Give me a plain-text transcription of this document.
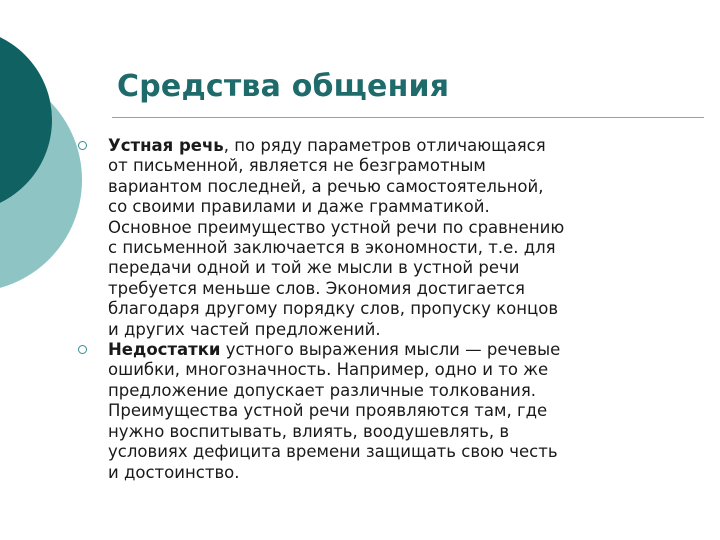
Средства общения
Устная речь, по ряду параметров отличающаяся
от письменной, является не безграмотным
вариантом последней, а речью самостоятельной,
со своими правилами и даже грамматикой.
Основное преимущество устной речи по сравнению
с письменной заключается в экономности, т.е. для
передачи одной и той же мысли в устной речи
требуется меньше слов. Экономия достигается
благодаря другому порядку слов, пропуску концов
и других частей предложений.
Недостатки устного выражения мысли — речевые
ошибки, многозначность. Например, одно и то же
предложение допускает различные толкования.
Преимущества устной речи проявляются там, где
нужно воспитывать, влиять, воодушевлять, в
условиях дефицита времени защищать свою честь
и достоинство.
